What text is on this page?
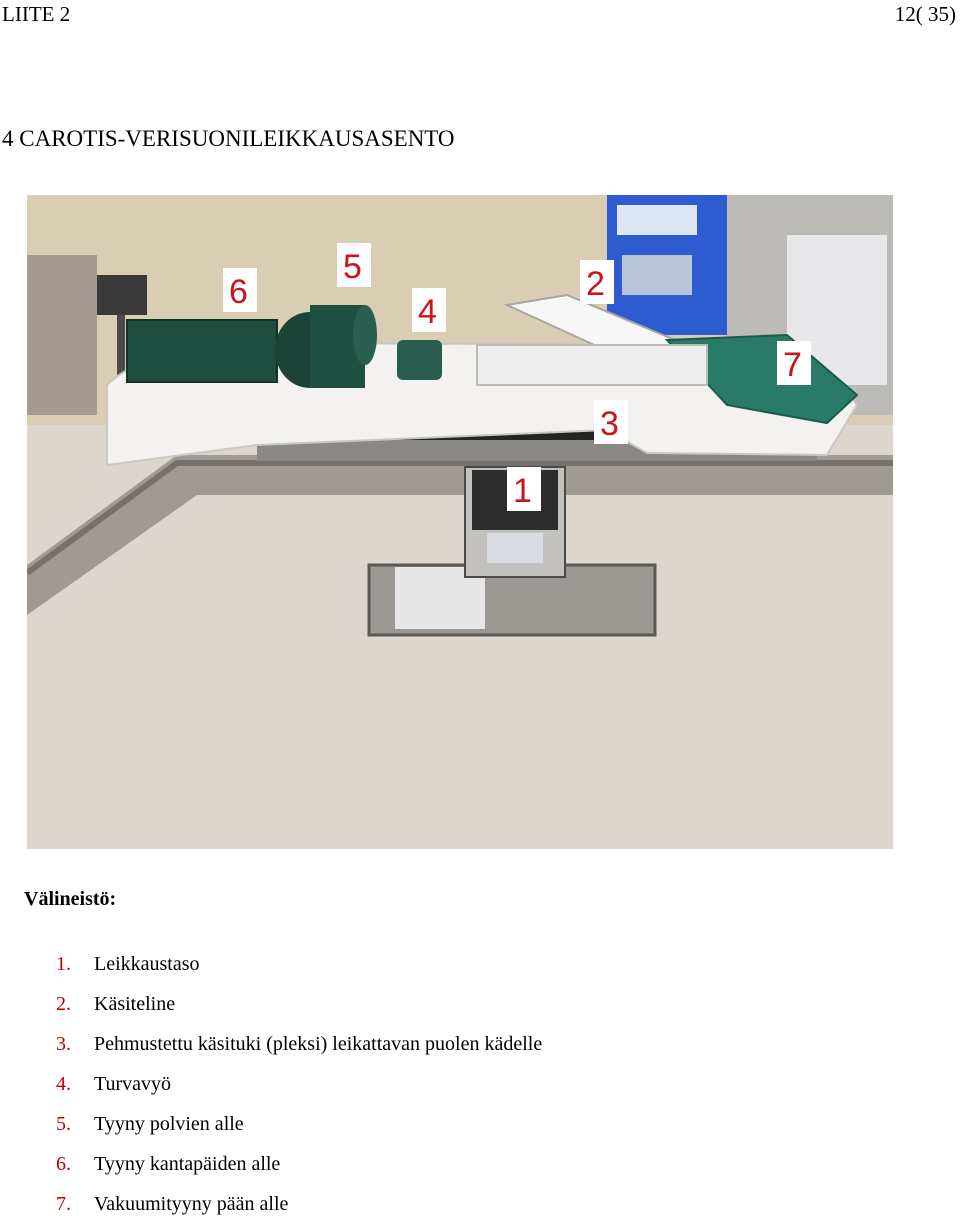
LIITE 2	12( 35)
4 CAROTIS-VERISUONILEIKKAUSASENTO
1
2
3
4
5
6
7
Välineistö:
1. Leikkaustaso
2. Käsiteline
3. Pehmustettu käsituki (pleksi) leikattavan puolen kädelle
4. Turvavyö
5. Tyyny polvien alle
6. Tyyny kantapäiden alle
7. Vakuumityyny pään alle
